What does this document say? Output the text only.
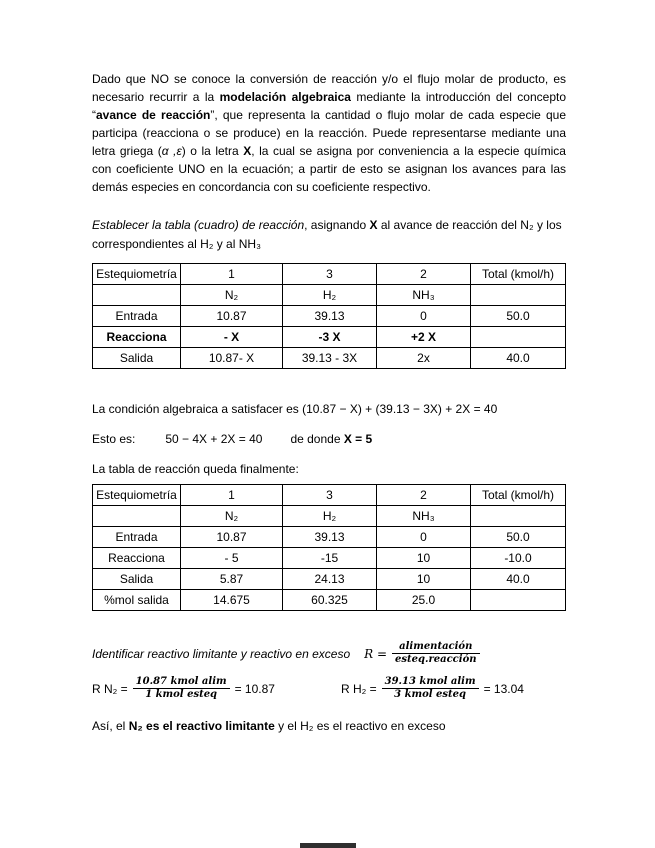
Dado que NO se conoce la conversión de reacción y/o el flujo molar de producto, es necesario recurrir a la modelación algebraica mediante la introducción del concepto “avance de reacción”, que representa la cantidad o flujo molar de cada especie que participa (reacciona o se produce) en la reacción. Puede representarse mediante una letra griega (α ,ε) o la letra X, la cual se asigna por conveniencia a la especie química con coeficiente UNO en la ecuación; a partir de esto se asignan los avances para las demás especies en concordancia con su coeficiente respectivo.

Establecer la tabla (cuadro) de reacción, asignando X al avance de reacción del N₂ y los correspondientes al H₂ y al NH₃

Estequiometría	1	3	2	Total (kmol/h)
	N₂	H₂	NH₃	
Entrada	10.87	39.13	0	50.0
Reacciona	- X	-3 X	+2 X	
Salida	10.87- X	39.13 - 3X	2x	40.0

La condición algebraica a satisfacer es (10.87 − X) + (39.13 − 3X) + 2X = 40

Esto es:	50 − 4X + 2X = 40 de donde X = 5

La tabla de reacción queda finalmente:

Estequiometría	1	3	2	Total (kmol/h)
	N₂	H₂	NH₃	
Entrada	10.87	39.13	0	50.0
Reacciona	- 5	-15	10	-10.0
Salida	5.87	24.13	10	40.0
%mol salida	14.675	60.325	25.0	
Identificar reactivo limitante y reactivo en exceso $R = \frac{\text{alimentación}}{\text{esteq.reacción}}$
R $N_2 = \frac{\text{10.87 kmol alim}}{\text{1 kmol esteq}} = 10.87$	R $H_2 = \frac{\text{39.13 kmol alim}}{\text{3 kmol esteq}} = 13.04$

Así, el N₂ es el reactivo limitante y el H₂ es el reactivo en exceso
